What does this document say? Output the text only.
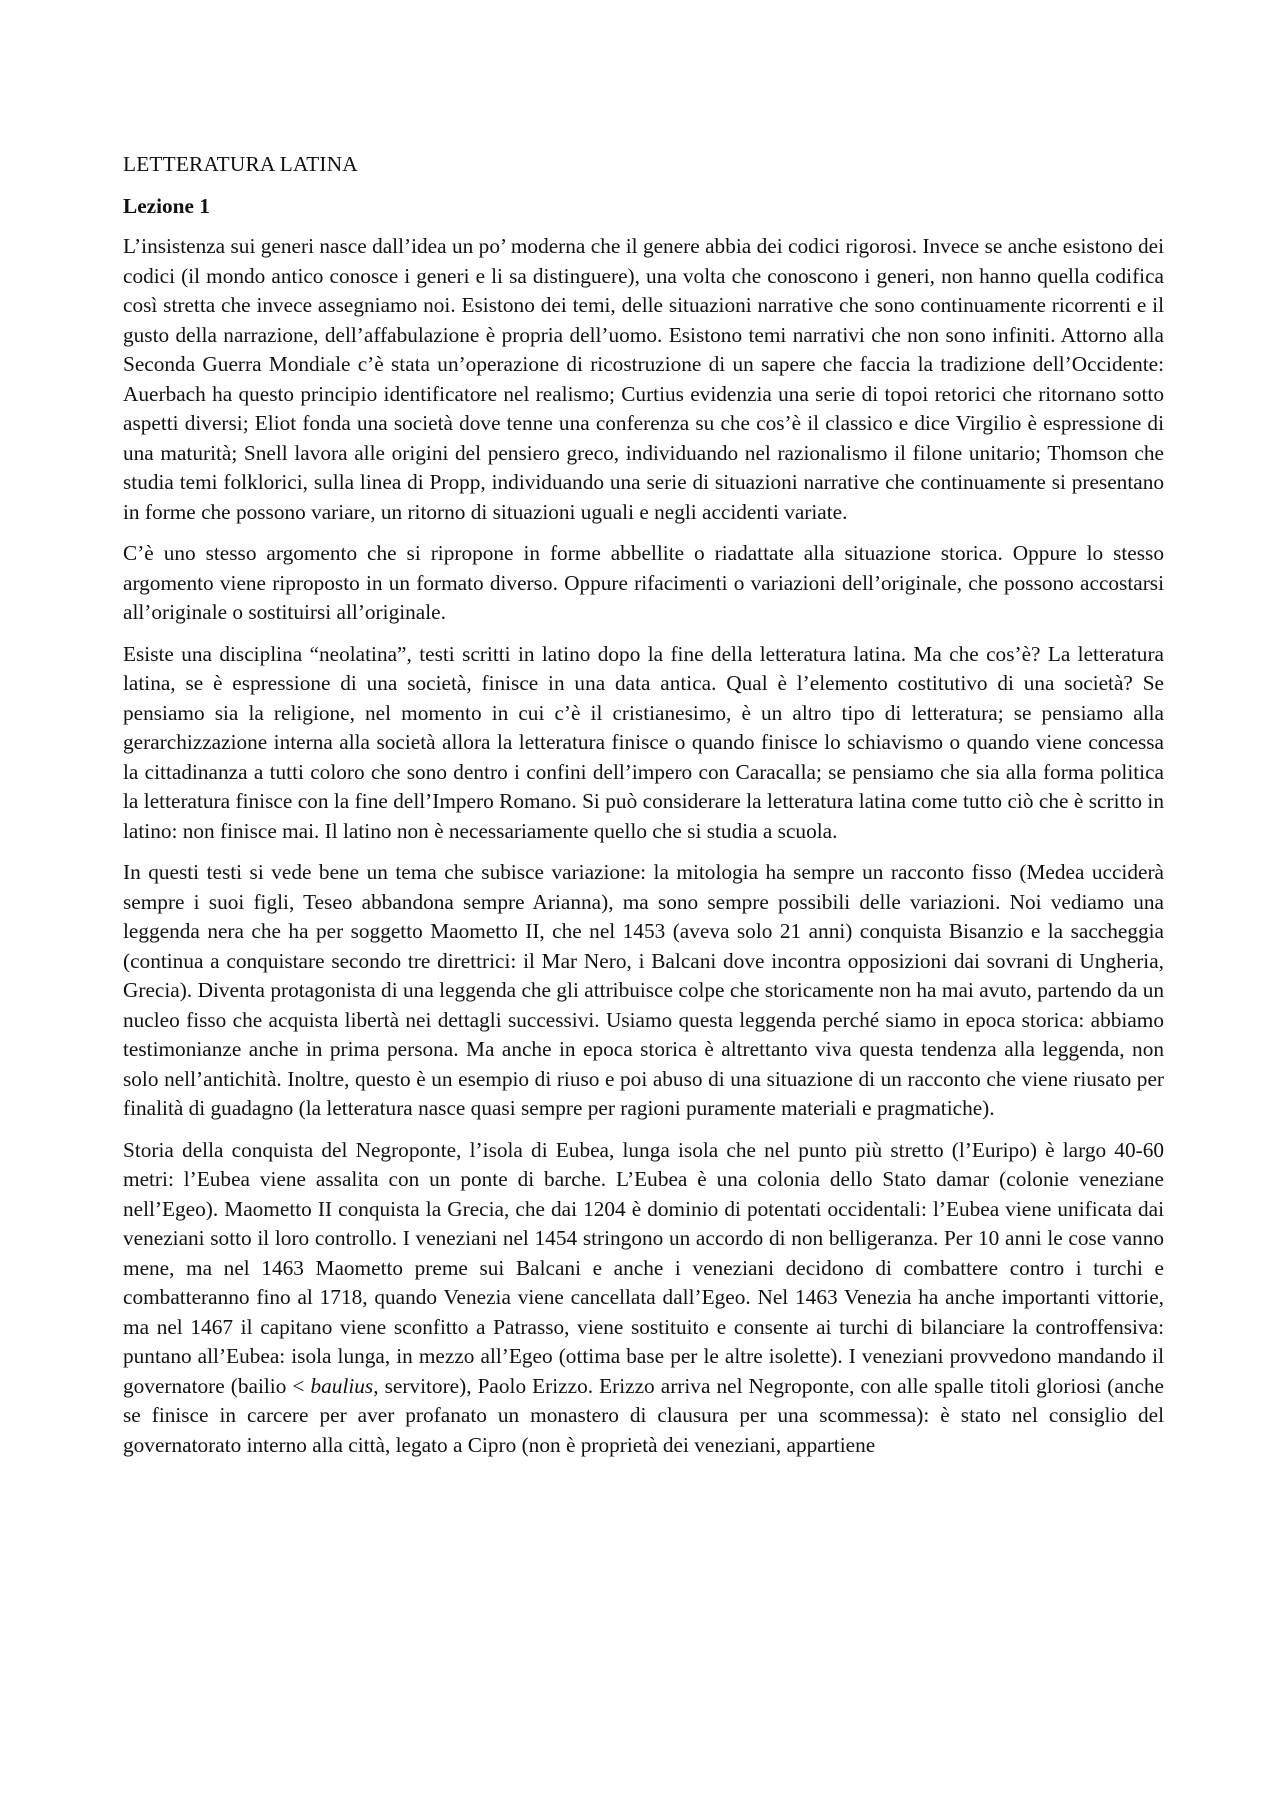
LETTERATURA LATINA
Lezione 1

L’insistenza sui generi nasce dall’idea un po’ moderna che il genere abbia dei codici rigorosi. Invece se anche esistono dei codici (il mondo antico conosce i generi e li sa distinguere), una volta che conoscono i generi, non hanno quella codifica così stretta che invece assegniamo noi. Esistono dei temi, delle situazioni narrative che sono continuamente ricorrenti e il gusto della narrazione, dell’affabulazione è propria dell’uomo. Esistono temi narrativi che non sono infiniti. Attorno alla Seconda Guerra Mondiale c’è stata un’operazione di ricostruzione di un sapere che faccia la tradizione dell’Occidente: Auerbach ha questo principio identificatore nel realismo; Curtius evidenzia una serie di topoi retorici che ritornano sotto aspetti diversi; Eliot fonda una società dove tenne una conferenza su che cos’è il classico e dice Virgilio è espressione di una maturità; Snell lavora alle origini del pensiero greco, individuando nel razionalismo il filone unitario; Thomson che studia temi folklorici, sulla linea di Propp, individuando una serie di situazioni narrative che continuamente si presentano in forme che possono variare, un ritorno di situazioni uguali e negli accidenti variate.

C’è uno stesso argomento che si ripropone in forme abbellite o riadattate alla situazione storica. Oppure lo stesso argomento viene riproposto in un formato diverso. Oppure rifacimenti o variazioni dell’originale, che possono accostarsi all’originale o sostituirsi all’originale.

Esiste una disciplina “neolatina”, testi scritti in latino dopo la fine della letteratura latina. Ma che cos’è? La letteratura latina, se è espressione di una società, finisce in una data antica. Qual è l’elemento costitutivo di una società? Se pensiamo sia la religione, nel momento in cui c’è il cristianesimo, è un altro tipo di letteratura; se pensiamo alla gerarchizzazione interna alla società allora la letteratura finisce o quando finisce lo schiavismo o quando viene concessa la cittadinanza a tutti coloro che sono dentro i confini dell’impero con Caracalla; se pensiamo che sia alla forma politica la letteratura finisce con la fine dell’Impero Romano. Si può considerare la letteratura latina come tutto ciò che è scritto in latino: non finisce mai. Il latino non è necessariamente quello che si studia a scuola.

In questi testi si vede bene un tema che subisce variazione: la mitologia ha sempre un racconto fisso (Medea ucciderà sempre i suoi figli, Teseo abbandona sempre Arianna), ma sono sempre possibili delle variazioni. Noi vediamo una leggenda nera che ha per soggetto Maometto II, che nel 1453 (aveva solo 21 anni) conquista Bisanzio e la saccheggia (continua a conquistare secondo tre direttrici: il Mar Nero, i Balcani dove incontra opposizioni dai sovrani di Ungheria, Grecia). Diventa protagonista di una leggenda che gli attribuisce colpe che storicamente non ha mai avuto, partendo da un nucleo fisso che acquista libertà nei dettagli successivi. Usiamo questa leggenda perché siamo in epoca storica: abbiamo testimonianze anche in prima persona. Ma anche in epoca storica è altrettanto viva questa tendenza alla leggenda, non solo nell’antichità. Inoltre, questo è un esempio di riuso e poi abuso di una situazione di un racconto che viene riusato per finalità di guadagno (la letteratura nasce quasi sempre per ragioni puramente materiali e pragmatiche).

Storia della conquista del Negroponte, l’isola di Eubea, lunga isola che nel punto più stretto (l’Euripo) è largo 40-60 metri: l’Eubea viene assalita con un ponte di barche. L’Eubea è una colonia dello Stato damar (colonie veneziane nell’Egeo). Maometto II conquista la Grecia, che dai 1204 è dominio di potentati occidentali: l’Eubea viene unificata dai veneziani sotto il loro controllo. I veneziani nel 1454 stringono un accordo di non belligeranza. Per 10 anni le cose vanno mene, ma nel 1463 Maometto preme sui Balcani e anche i veneziani decidono di combattere contro i turchi e combatteranno fino al 1718, quando Venezia viene cancellata dall’Egeo. Nel 1463 Venezia ha anche importanti vittorie, ma nel 1467 il capitano viene sconfitto a Patrasso, viene sostituito e consente ai turchi di bilanciare la controffensiva: puntano all’Eubea: isola lunga, in mezzo all’Egeo (ottima base per le altre isolette). I veneziani provvedono mandando il governatore (bailio < baulius, servitore), Paolo Erizzo. Erizzo arriva nel Negroponte, con alle spalle titoli gloriosi (anche se finisce in carcere per aver profanato un monastero di clausura per una scommessa): è stato nel consiglio del governatorato interno alla città, legato a Cipro (non è proprietà dei veneziani, appartiene
